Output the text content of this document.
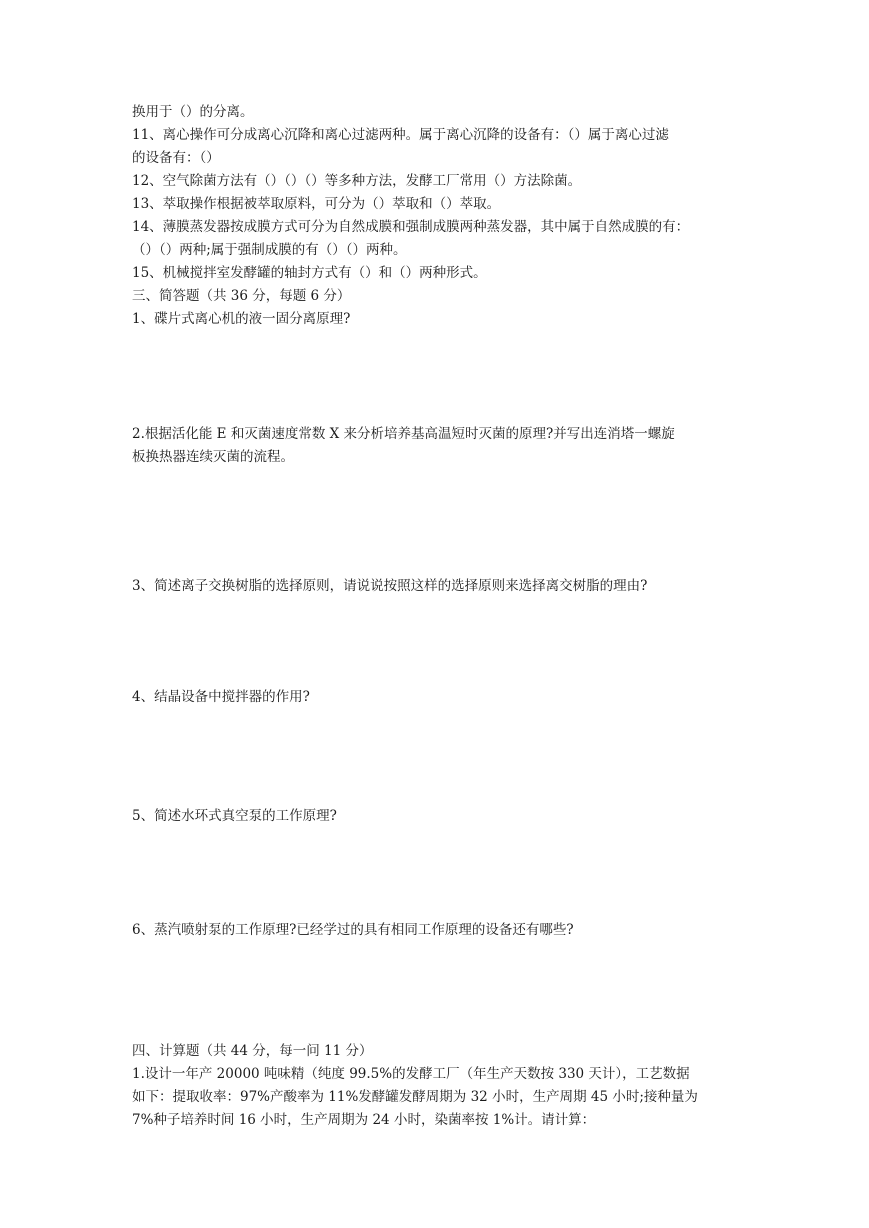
换用于（）的分离。
11、离心操作可分成离心沉降和离心过滤两种。属于离心沉降的设备有：（）属于离心过滤
的设备有：（）
12、空气除菌方法有（）（）（）等多种方法，发酵工厂常用（）方法除菌。
13、萃取操作根据被萃取原料，可分为（）萃取和（）萃取。
14、薄膜蒸发器按成膜方式可分为自然成膜和强制成膜两种蒸发器，其中属于自然成膜的有：
（）（）两种;属于强制成膜的有（）（）两种。
15、机械搅拌室发酵罐的轴封方式有（）和（）两种形式。
三、简答题（共 36 分，每题 6 分）
1、碟片式离心机的液一固分离原理?
2.根据活化能 E 和灭菌速度常数 X 来分析培养基高温短时灭菌的原理?并写出连消塔一螺旋
板换热器连续灭菌的流程。
3、简述离子交换树脂的选择原则，请说说按照这样的选择原则来选择离交树脂的理由?
4、结晶设备中搅拌器的作用?
5、简述水环式真空泵的工作原理?
6、蒸汽喷射泵的工作原理?已经学过的具有相同工作原理的设备还有哪些?
四、计算题（共 44 分，每一问 11 分）
1.设计一年产 20000 吨味精（纯度 99.5%的发酵工厂（年生产天数按 330 天计），工艺数据
如下：提取收率：97%产酸率为 11%发酵罐发酵周期为 32 小时，生产周期 45 小时;接种量为
7%种子培养时间 16 小时，生产周期为 24 小时，染菌率按 1%计。请计算：
